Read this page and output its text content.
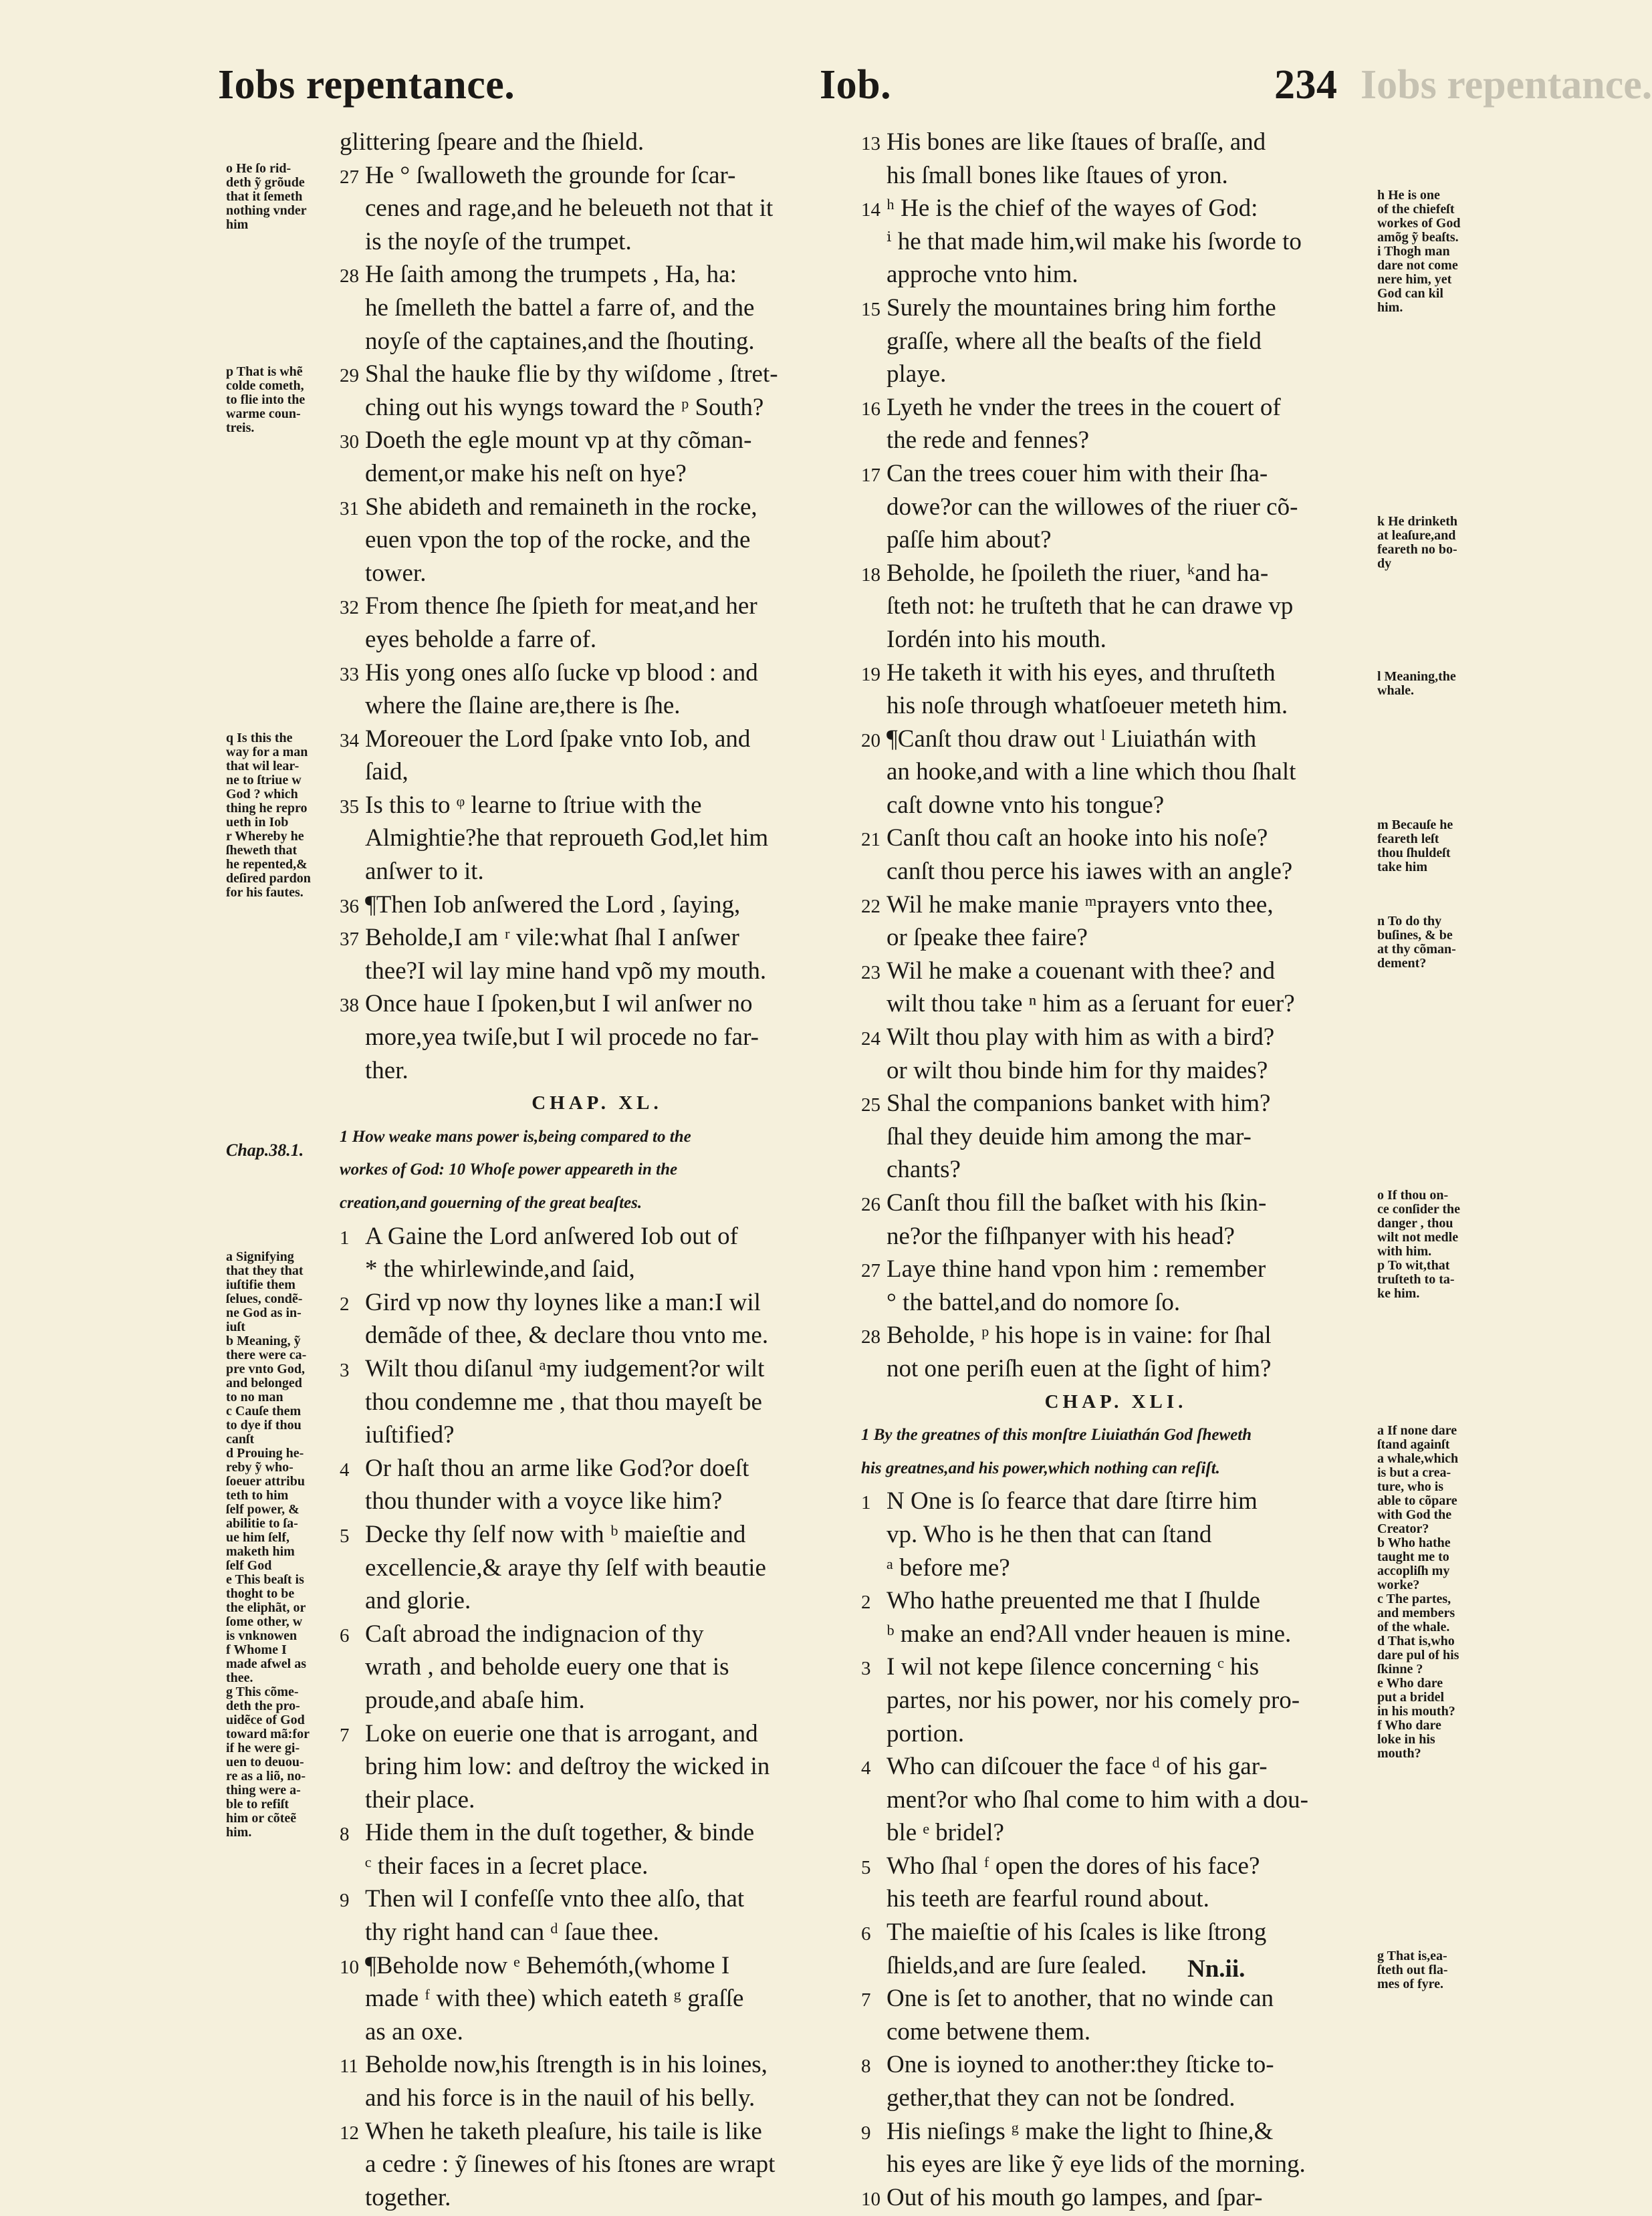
Iobs repentance.	Iob.	234 Iobs repentance.
glittering ſpeare and the ſhield.
27 He ° ſwalloweth the grounde for ſcar-
cenes and rage,and he beleueth not that it
is the noyſe of the trumpet.
28 He ſaith among the trumpets , Ha, ha:
he ſmelleth the battel a farre of, and the
noyſe of the captaines,and the ſhouting.
29 Shal the hauke flie by thy wiſdome , ſtret-
ching out his wyngs toward the ᵖ South?
30 Doeth the egle mount vp at thy cõman-
dement,or make his neſt on hye?
31 She abideth and remaineth in the rocke,
euen vpon the top of the rocke, and the
tower.
32 From thence ſhe ſpieth for meat,and her
eyes beholde a farre of.
33 His yong ones alſo ſucke vp blood : and
where the ſlaine are,there is ſhe.
34 Moreouer the Lord ſpake vnto Iob, and
ſaid,
35 Is this to ᵠ learne to ſtriue with the
Almightie?he that reproueth God,let him
anſwer to it.
36 ¶Then Iob anſwered the Lord , ſaying,
37 Beholde,I am ʳ vile:what ſhal I anſwer
thee?I wil lay mine hand vpõ my mouth.
38 Once haue I ſpoken,but I wil anſwer no
more,yea twiſe,but I wil procede no far-
ther.
CHAP. XL.
1 How weake mans power is,being compared to the
workes of God: 10 Whoſe power appeareth in the
creation,and gouerning of the great beaſtes.
1 A Gaine the Lord anſwered Iob out of
* the whirlewinde,and ſaid,
2 Gird vp now thy loynes like a man:I wil
demãde of thee, & declare thou vnto me.
3 Wilt thou diſanul ᵃmy iudgement?or wilt
thou condemne me , that thou mayeſt be
iuſtified?
4 Or haſt thou an arme like God?or doeſt
thou thunder with a voyce like him?
5 Decke thy ſelf now with ᵇ maieſtie and
excellencie,& araye thy ſelf with beautie
and glorie.
6 Caſt abroad the indignacion of thy
wrath , and beholde euery one that is
proude,and abaſe him.
7 Loke on euerie one that is arrogant, and
bring him low: and deſtroy the wicked in
their place.
8 Hide them in the duſt together, & binde
ᶜ their faces in a ſecret place.
9 Then wil I confeſſe vnto thee alſo, that
thy right hand can ᵈ ſaue thee.
10 ¶Beholde now ᵉ Behemóth,(whome I
made ᶠ with thee) which eateth ᵍ graſſe
as an oxe.
11 Beholde now,his ſtrength is in his loines,
and his force is in the nauil of his belly.
12 When he taketh pleaſure, his taile is like
a cedre : ỹ ſinewes of his ſtones are wrapt
together.
13 His bones are like ſtaues of braſſe, and
his ſmall bones like ſtaues of yron.
14 ʰ He is the chief of the wayes of God:
ⁱ he that made him,wil make his ſworde to
approche vnto him.
15 Surely the mountaines bring him forthe
graſſe, where all the beaſts of the field
playe.
16 Lyeth he vnder the trees in the couert of
the rede and fennes?
17 Can the trees couer him with their ſha-
dowe?or can the willowes of the riuer cõ-
paſſe him about?
18 Beholde, he ſpoileth the riuer, ᵏand ha-
ſteth not: he truſteth that he can drawe vp
Iordén into his mouth.
19 He taketh it with his eyes, and thruſteth
his noſe through whatſoeuer meteth him.
20 ¶Canſt thou draw out ˡ Liuiathán with
an hooke,and with a line which thou ſhalt
caſt downe vnto his tongue?
21 Canſt thou caſt an hooke into his noſe?
canſt thou perce his iawes with an angle?
22 Wil he make manie ᵐprayers vnto thee,
or ſpeake thee faire?
23 Wil he make a couenant with thee? and
wilt thou take ⁿ him as a ſeruant for euer?
24 Wilt thou play with him as with a bird?
or wilt thou binde him for thy maides?
25 Shal the companions banket with him?
ſhal they deuide him among the mar-
chants?
26 Canſt thou fill the baſket with his ſkin-
ne?or the fiſhpanyer with his head?
27 Laye thine hand vpon him : remember
° the battel,and do nomore ſo.
28 Beholde, ᵖ his hope is in vaine: for ſhal
not one periſh euen at the ſight of him?
CHAP. XLI.
1 By the greatnes of this monſtre Liuiathán God ſheweth
his greatnes,and his power,which nothing can reſiſt.
1 N One is ſo fearce that dare ſtirre him
vp. Who is he then that can ſtand
ᵃ before me?
2 Who hathe preuented me that I ſhulde
ᵇ make an end?All vnder heauen is mine.
3 I wil not kepe ſilence concerning ᶜ his
partes, nor his power, nor his comely pro-
portion.
4 Who can diſcouer the face ᵈ of his gar-
ment?or who ſhal come to him with a dou-
ble ᵉ bridel?
5 Who ſhal ᶠ open the dores of his face?
his teeth are fearful round about.
6 The maieſtie of his ſcales is like ſtrong
ſhields,and are ſure ſealed.
7 One is ſet to another, that no winde can
come betwene them.
8 One is ioyned to another:they ſticke to-
gether,that they can not be ſondred.
9 His nieſings ᵍ make the light to ſhine,&
his eyes are like ỹ eye lids of the morning.
10 Out of his mouth go lampes, and ſpar-
o He ſo rid-
deth ỹ grõude
that it ſemeth
nothing vnder
him
p That is whẽ
colde cometh,
to flie into the
warme coun-
treis.
q Is this the
way for a man
that wil lear-
ne to ſtriue w
God ? which
thing he repro
ueth in Iob
r Whereby he
ſheweth that
he repented,&
deſired pardon
for his fautes.
Chap.38.1.
a Signifying
that they that
iuſtifie them
ſelues, condẽ-
ne God as in-
iuſt
b Meaning, ỹ
there were ca-
pre vnto God,
and belonged
to no man
c Cauſe them
to dye if thou
canſt
d Prouing he-
reby ỹ who-
ſoeuer attribu
teth to him
ſelf power, &
abilitie to ſa-
ue him ſelf,
maketh him
ſelf God
e This beaſt is
thoght to be
the eliphãt, or
ſome other, w
is vnknowen
f Whome I
made afwel as
thee.
g This cõme-
deth the pro-
uidẽce of God
toward mã:for
if he were gi-
uen to deuou-
re as a liõ, no-
thing were a-
ble to refiſt
him or cõteẽ
him.
h He is one
of the chiefeſt
workes of God
amõg ỹ beaſts.
i Thogh man
dare not come
nere him, yet
God can kil
him.
k He drinketh
at leaſure,and
feareth no bo-
dy
l Meaning,the
whale.
m Becauſe he
feareth leſt
thou ſhuldeſt
take him
n To do thy
buſines, & be
at thy cõman-
dement?
o If thou on-
ce conſider the
danger , thou
wilt not medle
with him.
p To wit,that
truſteth to ta-
ke him.
a If none dare
ſtand againſt
a whale,which
is but a crea-
ture, who is
able to cõpare
with God the
Creator?
b Who hathe
taught me to
accopliſh my
worke?
c The partes,
and members
of the whale.
d That is,who
dare pul of his
ſkinne ?
e Who dare
put a bridel
in his mouth?
f Who dare
loke in his
mouth?
g That is,ea-
ſteth out fla-
mes of fyre.
Nn.ii.
